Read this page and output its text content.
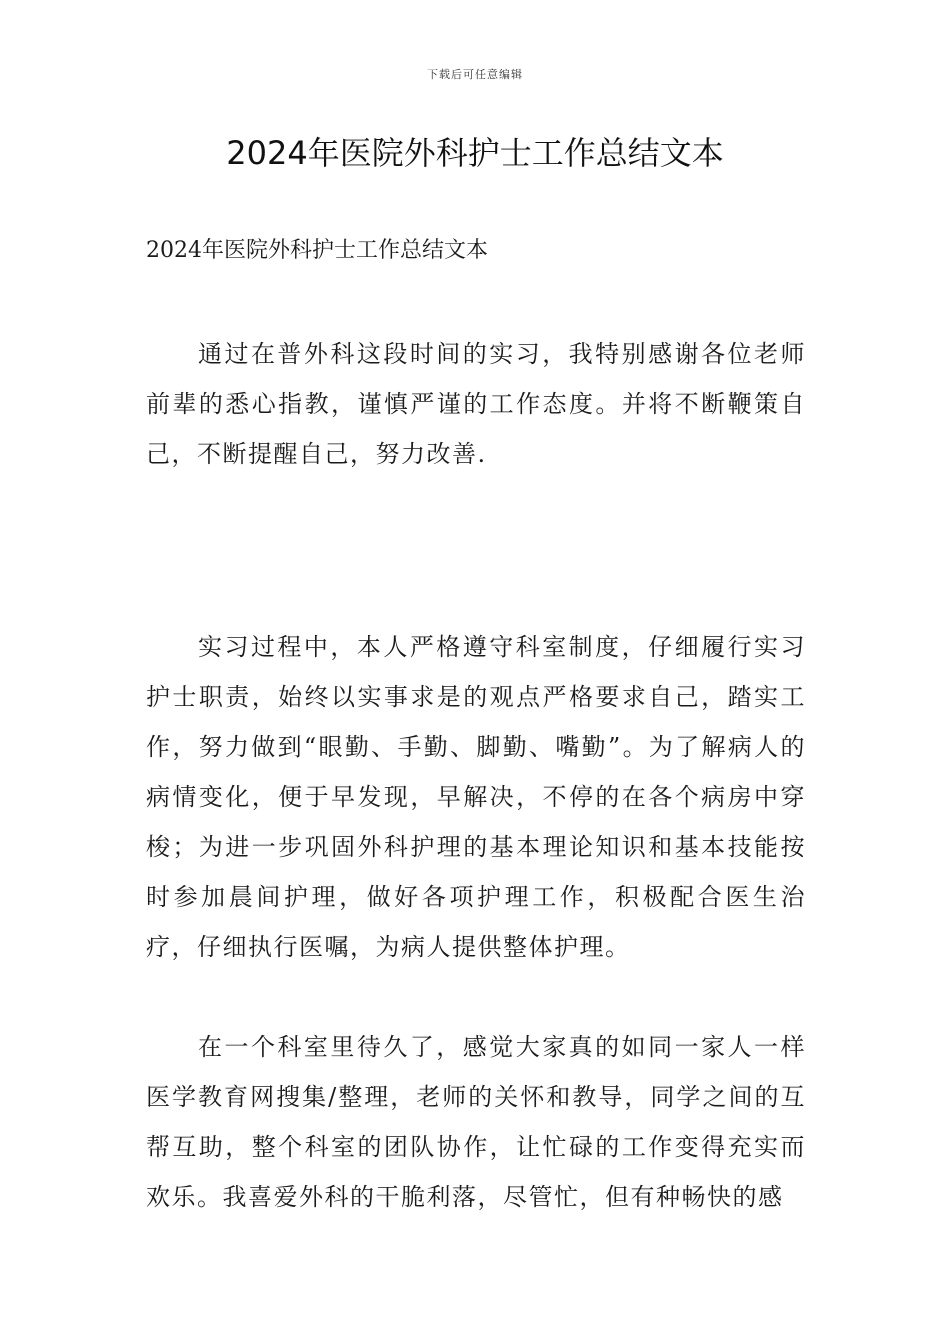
下载后可任意编辑
2024年医院外科护士工作总结文本

2024年医院外科护士工作总结文本

通过在普外科这段时间的实习，我特别感谢各位老师前辈的悉心指教，谨慎严谨的工作态度。并将不断鞭策自己，不断提醒自己，努力改善.

实习过程中，本人严格遵守科室制度，仔细履行实习护士职责，始终以实事求是的观点严格要求自己，踏实工作，努力做到“眼勤、手勤、脚勤、嘴勤”。为了解病人的病情变化，便于早发现，早解决，不停的在各个病房中穿梭；为进一步巩固外科护理的基本理论知识和基本技能按时参加晨间护理，做好各项护理工作，积极配合医生治疗，仔细执行医嘱，为病人提供整体护理。

在一个科室里待久了，感觉大家真的如同一家人一样医学教育网搜集/整理，老师的关怀和教导，同学之间的互帮互助，整个科室的团队协作，让忙碌的工作变得充实而欢乐。我喜爱外科的干脆利落，尽管忙，但有种畅快的感
